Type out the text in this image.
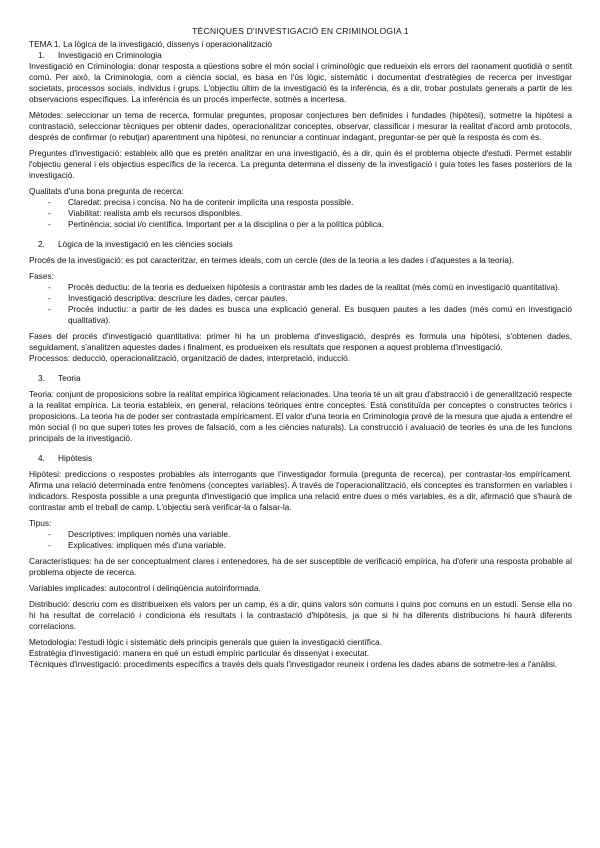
TÈCNIQUES D'INVESTIGACIÓ EN CRIMINOLOGIA 1
TEMA 1. La lògica de la investigació, dissenys i operacionalització
1.	Investigació en Criminologia

Investigació en Criminologia: donar resposta a qüestions sobre el món social i criminològic que redueixin els errors del raonament quotidià o sentit comú. Per això, la Criminologia, com a ciència social, es basa en l'ús lògic, sistemàtic i documentat d'estratègies de recerca per investigar societats, processos socials, individus i grups. L'objectiu últim de la investigació és la inferència, és a dir, trobar postulats generals a partir de les observacions específiques. La inferència és un procés imperfecte, sotmès a incertesa.

Mètodes: seleccionar un tema de recerca, formular preguntes, proposar conjectures ben definides i fundades (hipòtesi), sotmetre la hipòtesi a contrastació, seleccionar tècniques per obtenir dades, operacionalitzar conceptes, observar, classificar i mesurar la realitat d'acord amb protocols, després de confirmar (o rebutjar) aparentment una hipòtesi, no renunciar a continuar indagant, preguntar-se per què la resposta és com és.

Preguntes d'investigació: estableix allò que es pretén analitzar en una investigació, és a dir, quin és el problema objecte d'estudi. Permet establir l'objectiu general i els objectius específics de la recerca. La pregunta determina el disseny de la investigació i guia totes les fases posteriors de la investigació.

Qualitats d'una bona pregunta de recerca:

-	Claredat: precisa i concisa. No ha de contenir implícita una resposta possible.
-	Viabilitat: realista amb els recursos disponibles.
-	Pertinència: social i/o científica. Important per a la disciplina o per a la política pública.
2.	Lògica de la investigació en les ciències socials

Procés de la investigació: es pot caracteritzar, en termes ideals, com un cercle (des de la teoria a les dades i d'aquestes a la teoria).

Fases:

-	Procés deductiu: de la teoria es dedueixen hipòtesis a contrastar amb les dades de la realitat (més comú en investigació quantitativa).
-	Investigació descriptiva: descriure les dades, cercar pautes.
-	Procés inductiu: a partir de les dades es busca una explicació general. Es busquen pautes a les dades (més comú en investigació qualitativa).

Fases del procés d'investigació quantitativa: primer hi ha un problema d'investigació, després es formula una hipòtesi, s'obtenen dades, seguidament, s'analitzen aquestes dades i finalment, es produeixen els resultats que responen a aquest problema d'investigació.

Processos: deducció, operacionalització, organització de dades, interpretació, inducció.

3.	Teoria

Teoria: conjunt de proposicions sobre la realitat empírica lògicament relacionades. Una teoria té un alt grau d'abstracció i de generalització respecte a la realitat empírica. La teoria estableix, en general, relacions teòriques entre conceptes. Està constituïda per conceptes o constructes teòrics i proposicions. La teoria ha de poder ser contrastada empíricament. El valor d'una teoria en Criminologia prové de la mesura que ajuda a entendre el món social (i no que superi totes les proves de falsació, com a les ciències naturals). La construcció i avaluació de teories és una de les funcions principals de la investigació.

4.	Hipòtesis

Hipòtesi: prediccions o respostes probables als interrogants que l'investigador formula (pregunta de recerca), per contrastar-los empíricament. Afirma una relació determinada entre fenòmens (conceptes variables). A través de l'operacionalització, els conceptes es transformen en variables i indicadors. Resposta possible a una pregunta d'investigació que implica una relació entre dues o més variables, és a dir, afirmació que s'haurà de contrastar amb el treball de camp. L'objectiu serà verificar-la o falsar-la.

Tipus:

-	Descriptives: impliquen només una variable.
-	Explicatives: impliquen més d'una variable.

Característiques: ha de ser conceptualment clares i entenedores, ha de ser susceptible de verificació empírica, ha d'oferir una resposta probable al problema objecte de recerca.

Variables implicades: autocontrol i delinqüència autoinformada.

Distribució: descriu com es distribueixen els valors per un camp, és a dir, quins valors són comuns i quins poc comuns en un estudi. Sense ella no hi ha resultat de correlació i condiciona els resultats i la contrastació d'hipòtesis, ja que si hi ha diferents distribucions hi haurà diferents correlacions.

Metodologia: l'estudi lògic i sistemàtic dels principis generals que guien la investigació científica.

Estratègia d'investigació: manera en què un estudi empíric particular és dissenyat i executat.

Tècniques d'investigació: procediments específics a través dels quals l'investigador reuneix i ordena les dades abans de sotmetre-les a l'anàlisi.
